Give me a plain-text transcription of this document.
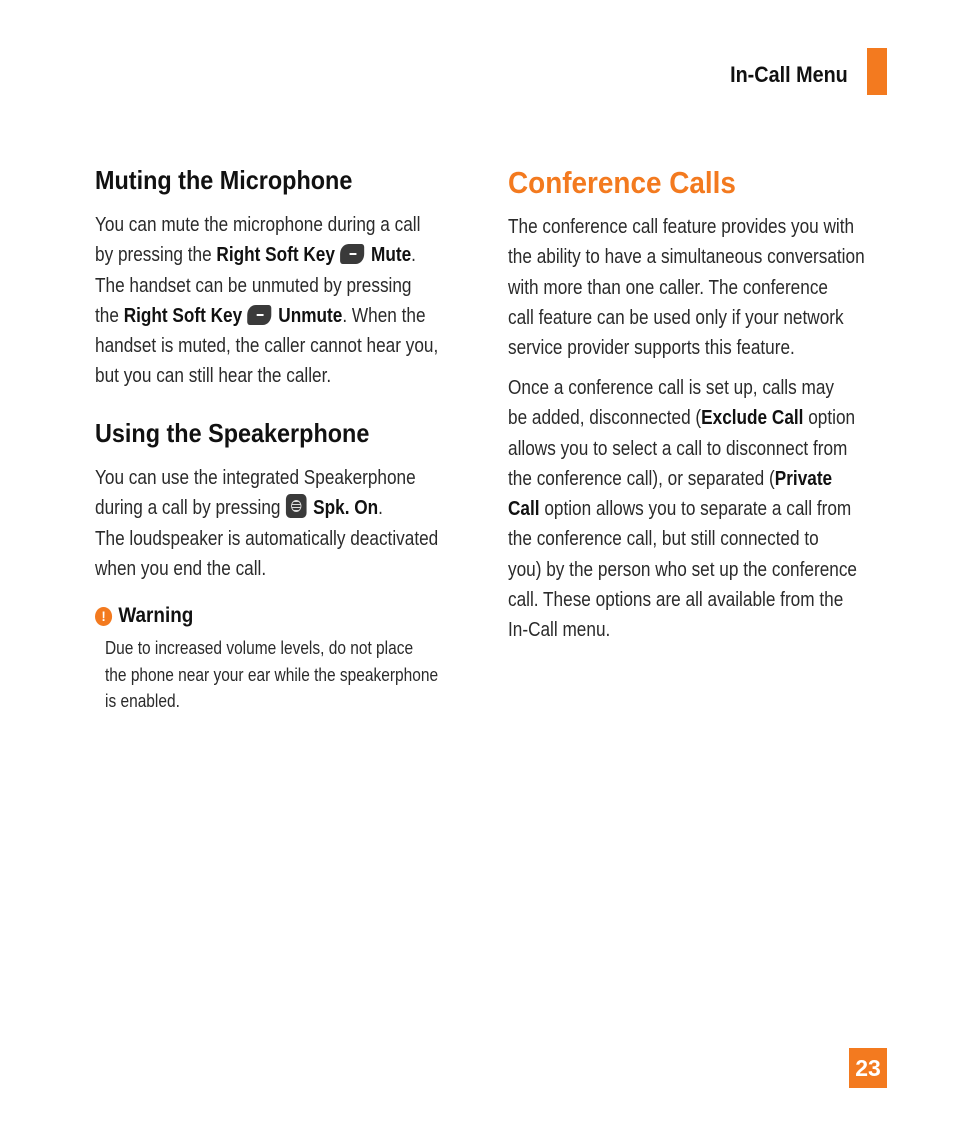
In-Call Menu
Muting the Microphone

You can mute the microphone during a call
by pressing the Right Soft Key Mute.
The handset can be unmuted by pressing
the Right Soft Key Unmute. When the
handset is muted, the caller cannot hear you,
but you can still hear the caller.

Using the Speakerphone

You can use the integrated Speakerphone
during a call by pressing Spk. On.
The loudspeaker is automatically deactivated
when you end the call.

! Warning

Due to increased volume levels, do not place
the phone near your ear while the speakerphone
is enabled.

Conference Calls

The conference call feature provides you with
the ability to have a simultaneous conversation
with more than one caller. The conference
call feature can be used only if your network
service provider supports this feature.

Once a conference call is set up, calls may
be added, disconnected (Exclude Call option
allows you to select a call to disconnect from
the conference call), or separated (Private
Call option allows you to separate a call from
the conference call, but still connected to
you) by the person who set up the conference
call. These options are all available from the
In-Call menu.

23
